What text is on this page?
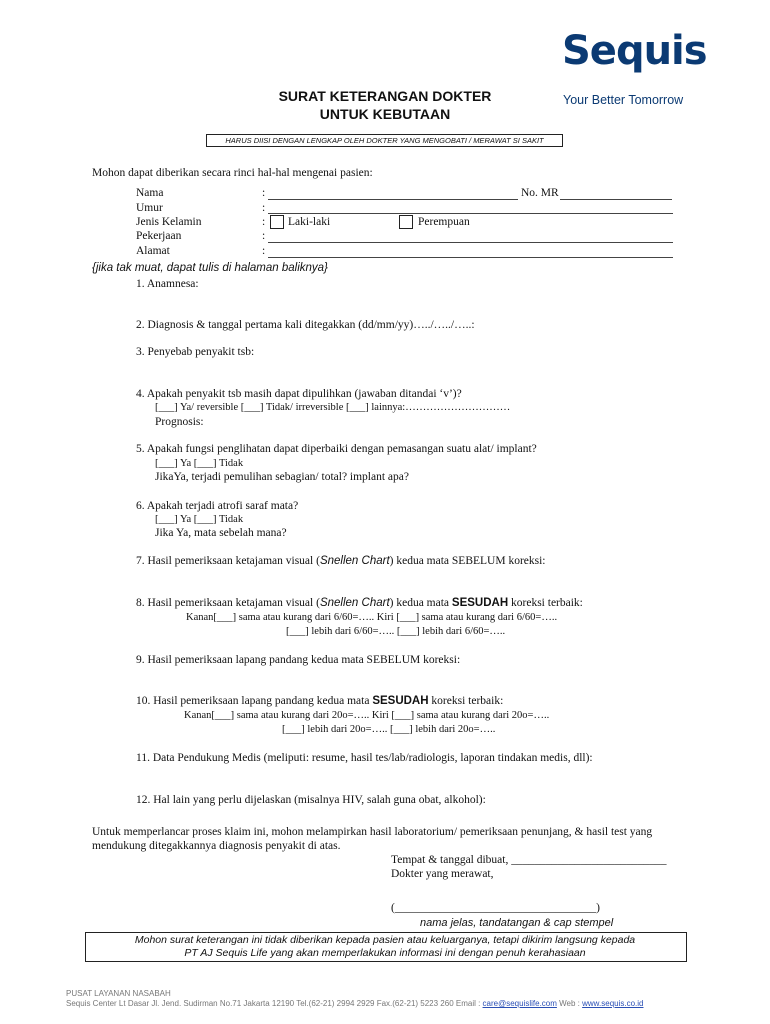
Sequis
Your Better Tomorrow
SURAT KETERANGAN DOKTER
UNTUK KEBUTAAN
HARUS DIISI DENGAN LENGKAP OLEH DOKTER YANG MENGOBATI / MERAWAT SI SAKIT
Mohon dapat diberikan secara rinci hal-hal mengenai pasien:
Nama
Umur
Jenis Kelamin
Pekerjaan
Alamat
:	No. MR
:
: Laki-laki	Perempuan
:
:
{jika tak muat, dapat tulis di halaman baliknya}
1. Anamnesa:
2. Diagnosis & tanggal pertama kali ditegakkan (dd/mm/yy)…../…../…..:
3. Penyebab penyakit tsb:
4. Apakah penyakit tsb masih dapat dipulihkan (jawaban ditandai ‘v’)?
[___] Ya/ reversible [___] Tidak/ irreversible [___] lainnya:…………………………
Prognosis:
5. Apakah fungsi penglihatan dapat diperbaiki dengan pemasangan suatu alat/ implant?
[___] Ya [___] Tidak
JikaYa, terjadi pemulihan sebagian/ total? implant apa?
6. Apakah terjadi atrofi saraf mata?
[___] Ya [___] Tidak
Jika Ya, mata sebelah mana?
7. Hasil pemeriksaan ketajaman visual (Snellen Chart) kedua mata SEBELUM koreksi:
8. Hasil pemeriksaan ketajaman visual (Snellen Chart) kedua mata SESUDAH koreksi terbaik:
Kanan[___] sama atau kurang dari 6/60=….. Kiri [___] sama atau kurang dari 6/60=…..
[___] lebih dari 6/60=….. [___] lebih dari 6/60=…..
9. Hasil pemeriksaan lapang pandang kedua mata SEBELUM koreksi:
10. Hasil pemeriksaan lapang pandang kedua mata SESUDAH koreksi terbaik:
Kanan[___] sama atau kurang dari 20o=….. Kiri [___] sama atau kurang dari 20o=…..
[___] lebih dari 20o=….. [___] lebih dari 20o=…..
11. Data Pendukung Medis (meliputi: resume, hasil tes/lab/radiologis, laporan tindakan medis, dll):
12. Hal lain yang perlu dijelaskan (misalnya HIV, salah guna obat, alkohol):
Untuk memperlancar proses klaim ini, mohon melampirkan hasil laboratorium/ pemeriksaan penunjang, & hasil test yang
mendukung ditegakkannya diagnosis penyakit di atas.
Tempat & tanggal dibuat, ___________________________
Dokter yang merawat,
(___________________________________)
nama jelas, tandatangan & cap stempel
Mohon surat keterangan ini tidak diberikan kepada pasien atau keluarganya, tetapi dikirim langsung kepada
PT AJ Sequis Life yang akan memperlakukan informasi ini dengan penuh kerahasiaan
PUSAT LAYANAN NASABAH
Sequis Center Lt Dasar Jl. Jend. Sudirman No.71 Jakarta 12190 Tel.(62-21) 2994 2929 Fax.(62-21) 5223 260 Email : care@sequislife.com Web : www.sequis.co.id
